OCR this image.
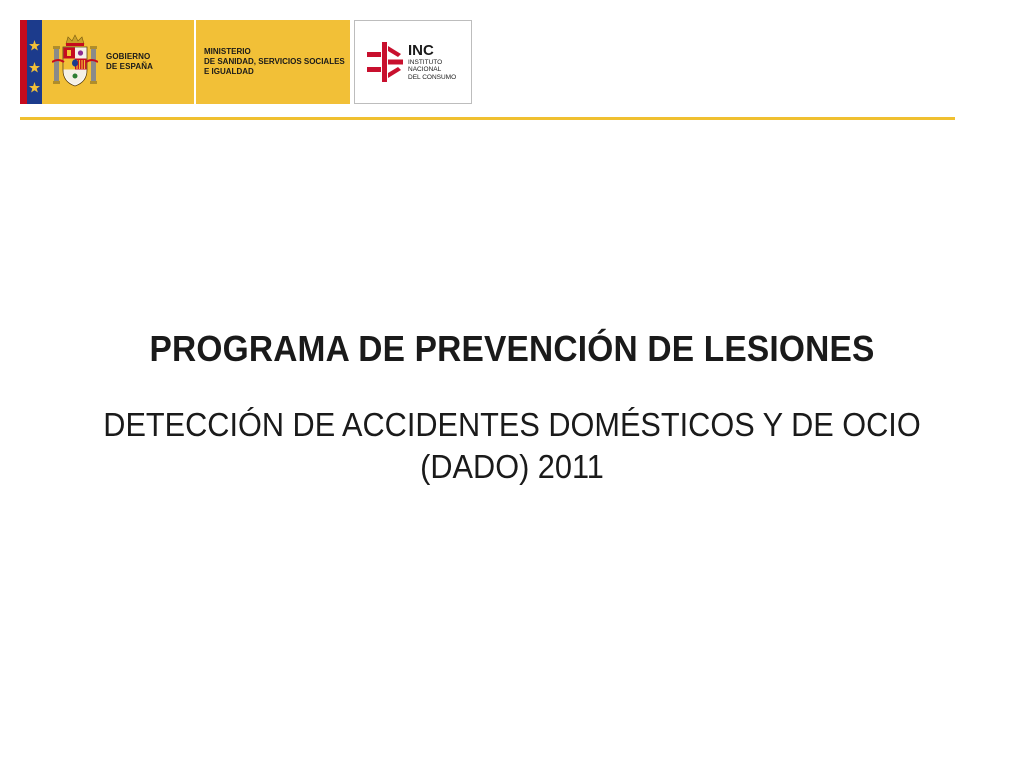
GOBIERNO
DE ESPAÑA
MINISTERIO
DE SANIDAD, SERVICIOS SOCIALES
E IGUALDAD
INC
INSTITUTO
NACIONAL
DEL CONSUMO
PROGRAMA DE PREVENCIÓN DE LESIONES
DETECCIÓN DE ACCIDENTES DOMÉSTICOS Y DE OCIO
(DADO) 2011
